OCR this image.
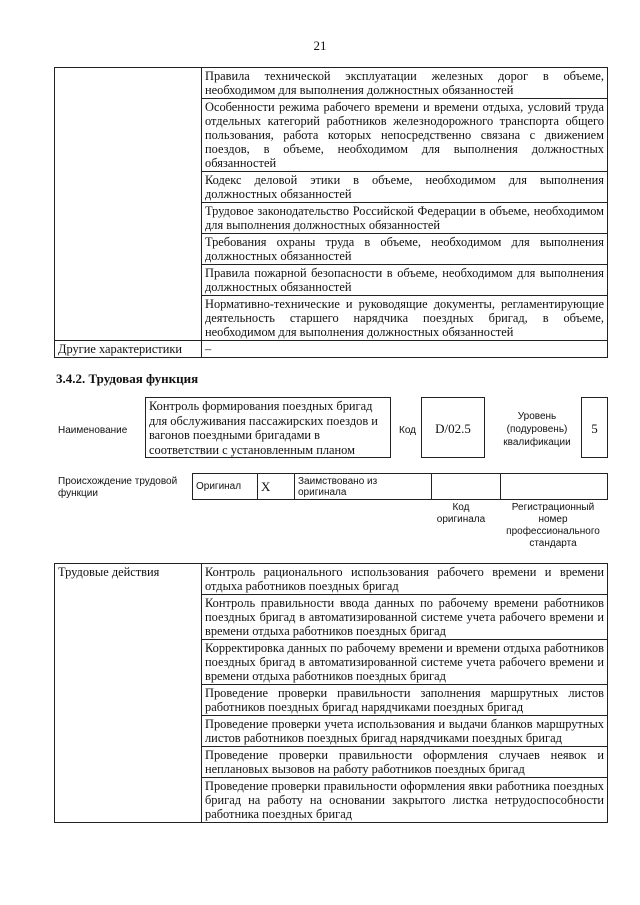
21
	Правила технической эксплуатации железных дорог в объеме, необходимом для выполнения должностных обязанностей
	Особенности режима рабочего времени и времени отдыха, условий труда отдельных категорий работников железнодорожного транспорта общего пользования, работа которых непосредственно связана с движением поездов, в объеме, необходимом для выполнения должностных обязанностей
	Кодекс деловой этики в объеме, необходимом для выполнения должностных обязанностей
	Трудовое законодательство Российской Федерации в объеме, необходимом для выполнения должностных обязанностей
	Требования охраны труда в объеме, необходимом для выполнения должностных обязанностей
	Правила пожарной безопасности в объеме, необходимом для выполнения должностных обязанностей
	Нормативно-технические и руководящие документы, регламентирующие деятельность старшего нарядчика поездных бригад, в объеме, необходимом для выполнения должностных обязанностей
Другие характеристики	–
3.4.2. Трудовая функция
Наименование
Контроль формирования поездных бригад для обслуживания пассажирских поездов и вагонов поездными бригадами в соответствии с установленным планом
Код	D/02.5
Уровень (подуровень) квалификации
5
Происхождение трудовой функции
Оригинал	X	Заимствовано из оригинала		
Код оригинала
Регистрационный номер профессионального стандарта
Трудовые действия	Контроль рационального использования рабочего времени и времени отдыха работников поездных бригад
Контроль правильности ввода данных по рабочему времени работников поездных бригад в автоматизированной системе учета рабочего времени и времени отдыха работников поездных бригад
Корректировка данных по рабочему времени и времени отдыха работников поездных бригад в автоматизированной системе учета рабочего времени и времени отдыха работников поездных бригад
Проведение проверки правильности заполнения маршрутных листов работников поездных бригад нарядчиками поездных бригад
Проведение проверки учета использования и выдачи бланков маршрутных листов работников поездных бригад нарядчиками поездных бригад
Проведение проверки правильности оформления случаев неявок и неплановых вызовов на работу работников поездных бригад
Проведение проверки правильности оформления явки работника поездных бригад на работу на основании закрытого листка нетрудоспособности работника поездных бригад
